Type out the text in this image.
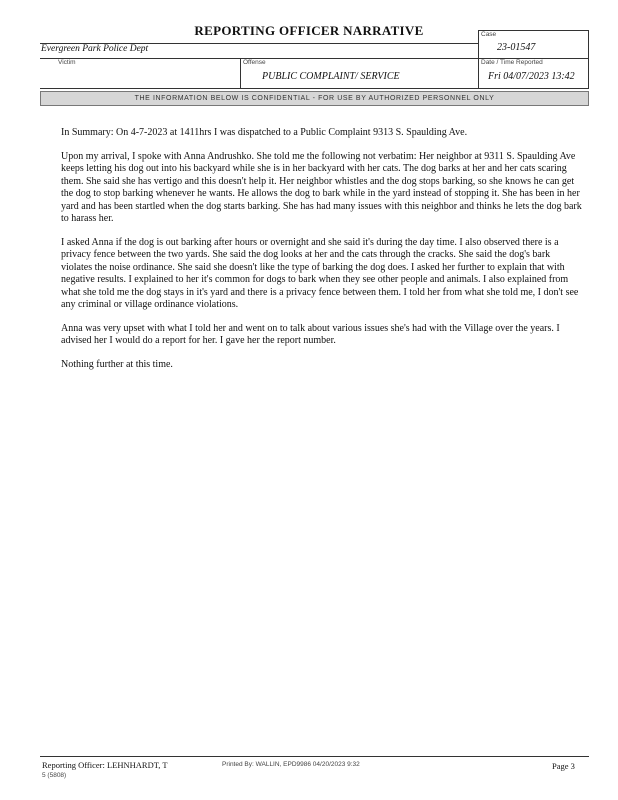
REPORTING OFFICER NARRATIVE
Evergreen Park Police Dept
Case
23-01547
Victim	Offense
PUBLIC COMPLAINT/ SERVICE
Date / Time Reported
Fri 04/07/2023 13:42
THE INFORMATION BELOW IS CONFIDENTIAL - FOR USE BY AUTHORIZED PERSONNEL ONLY

In Summary: On 4-7-2023 at 1411hrs I was dispatched to a Public Complaint 9313 S. Spaulding Ave.

Upon my arrival, I spoke with Anna Andrushko. She told me the following not verbatim: Her neighbor at 9311 S. Spaulding Ave keeps letting his dog out into his backyard while she is in her backyard with her cats. The dog barks at her and her cats scaring them. She said she has vertigo and this doesn't help it. Her neighbor whistles and the dog stops barking, so she knows he can get the dog to stop barking whenever he wants. He allows the dog to bark while in the yard instead of stopping it. She has been in her yard and has been startled when the dog starts barking. She has had many issues with this neighbor and thinks he lets the dog bark to harass her.

I asked Anna if the dog is out barking after hours or overnight and she said it's during the day time. I also observed there is a privacy fence between the two yards. She said the dog looks at her and the cats through the cracks. She said the dog's bark violates the noise ordinance. She said she doesn't like the type of barking the dog does. I asked her further to explain that with negative results. I explained to her it's common for dogs to bark when they see other people and animals. I also explained from what she told me the dog stays in it's yard and there is a privacy fence between them. I told her from what she told me, I don't see any criminal or village ordinance violations.

Anna was very upset with what I told her and went on to talk about various issues she's had with the Village over the years. I advised her I would do a report for her. I gave her the report number.

Nothing further at this time.

Reporting Officer: LEHNHARDT, T
5 (5808)
Printed By: WALLIN, EPD9986 04/20/2023 9:32	Page 3
